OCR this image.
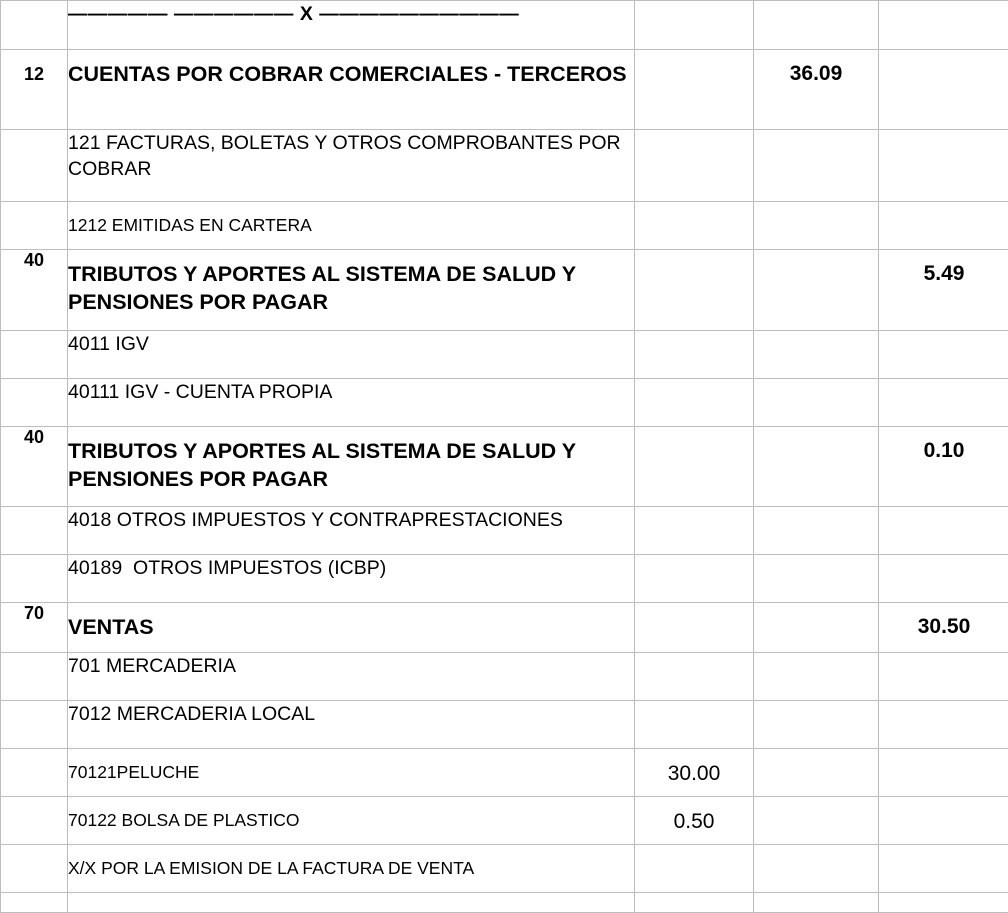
	————— —————— X ——————————			
12	CUENTAS POR COBRAR COMERCIALES - TERCEROS		36.09	
	121 FACTURAS, BOLETAS Y OTROS COMPROBANTES POR COBRAR			
	1212 EMITIDAS EN CARTERA			
40	TRIBUTOS Y APORTES AL SISTEMA DE SALUD Y PENSIONES POR PAGAR			5.49
	4011 IGV			
	40111 IGV - CUENTA PROPIA			
40	TRIBUTOS Y APORTES AL SISTEMA DE SALUD Y PENSIONES POR PAGAR			0.10
	4018 OTROS IMPUESTOS Y CONTRAPRESTACIONES			
	40189  OTROS IMPUESTOS (ICBP)			
70	VENTAS			30.50
	701 MERCADERIA			
	7012 MERCADERIA LOCAL			
	70121PELUCHE	30.00		
	70122 BOLSA DE PLASTICO	0.50		
	X/X POR LA EMISION DE LA FACTURA DE VENTA			
